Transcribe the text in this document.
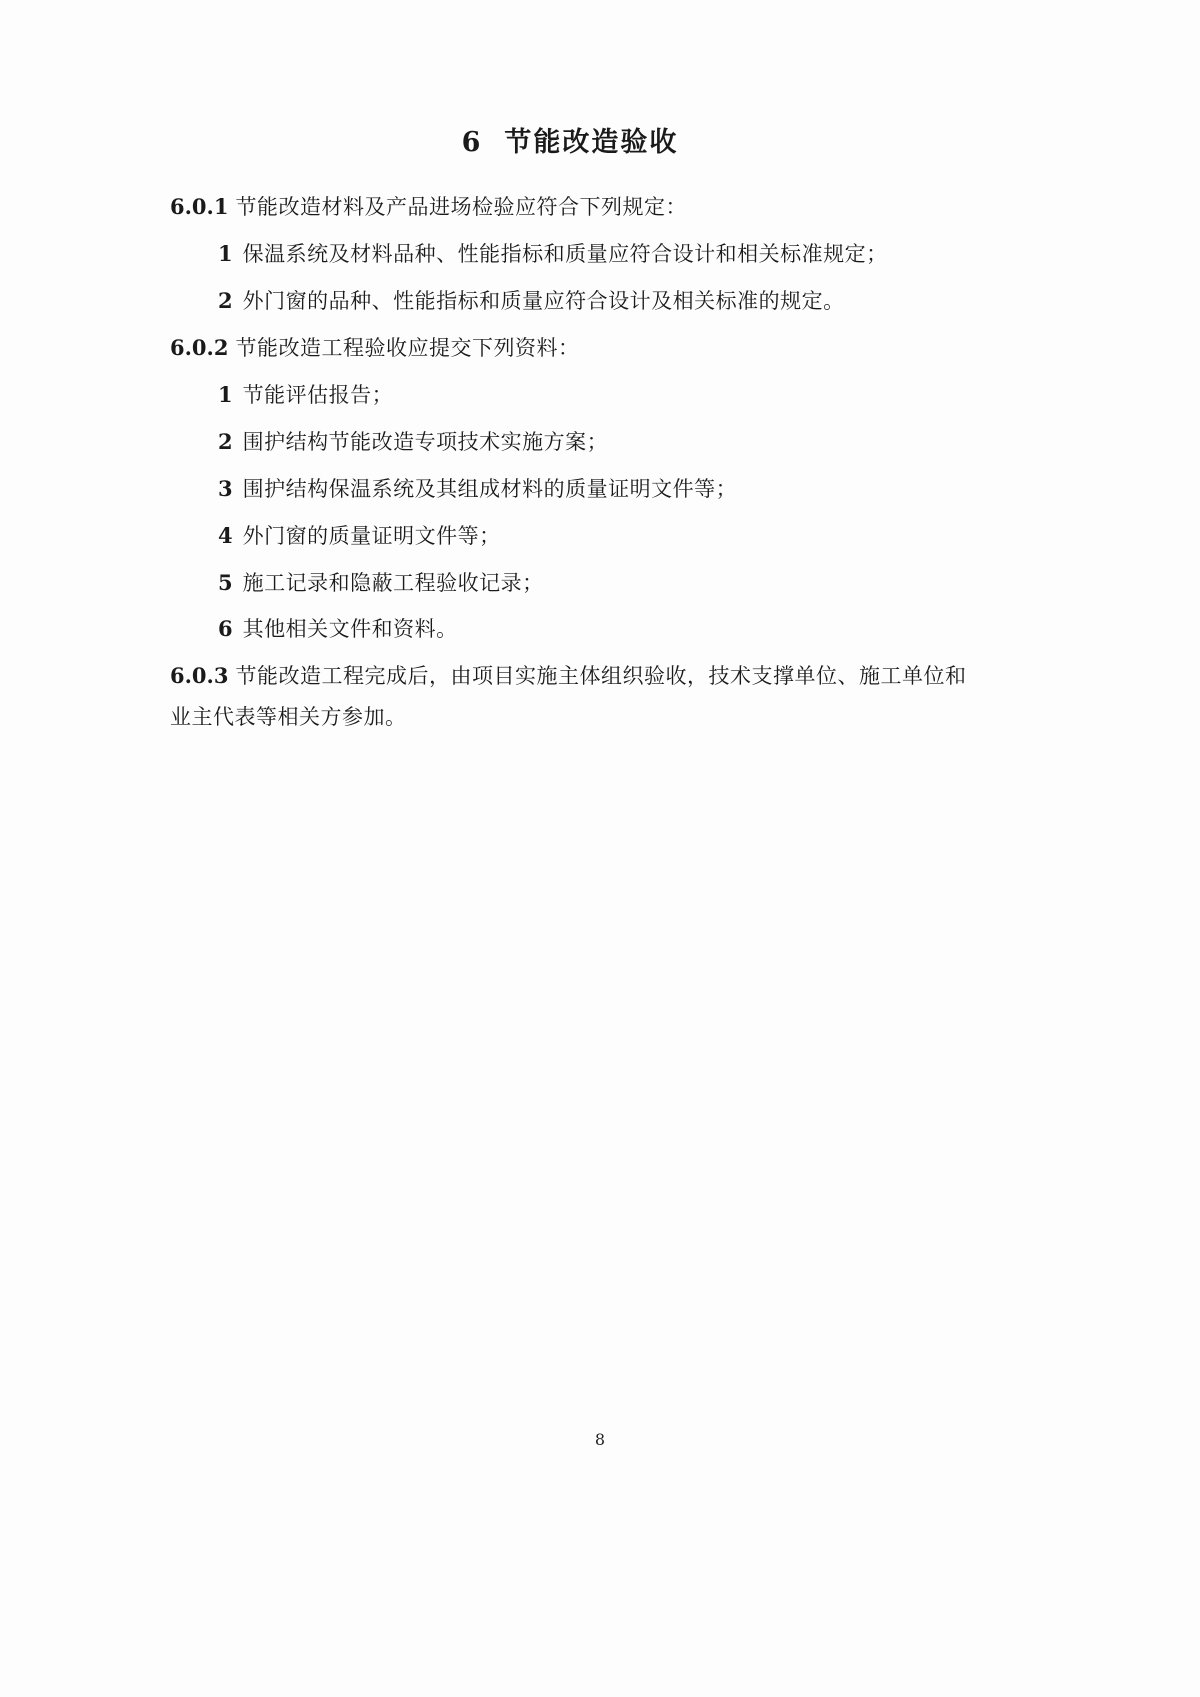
6 节能改造验收

6.0.1 节能改造材料及产品进场检验应符合下列规定：

1 保温系统及材料品种、性能指标和质量应符合设计和相关标准规定；

2 外门窗的品种、性能指标和质量应符合设计及相关标准的规定。

6.0.2 节能改造工程验收应提交下列资料：

1 节能评估报告；

2 围护结构节能改造专项技术实施方案；

3 围护结构保温系统及其组成材料的质量证明文件等；

4 外门窗的质量证明文件等；

5 施工记录和隐蔽工程验收记录；

6 其他相关文件和资料。

6.0.3 节能改造工程完成后，由项目实施主体组织验收，技术支撑单位、施工单位和业主代表等相关方参加。

8
